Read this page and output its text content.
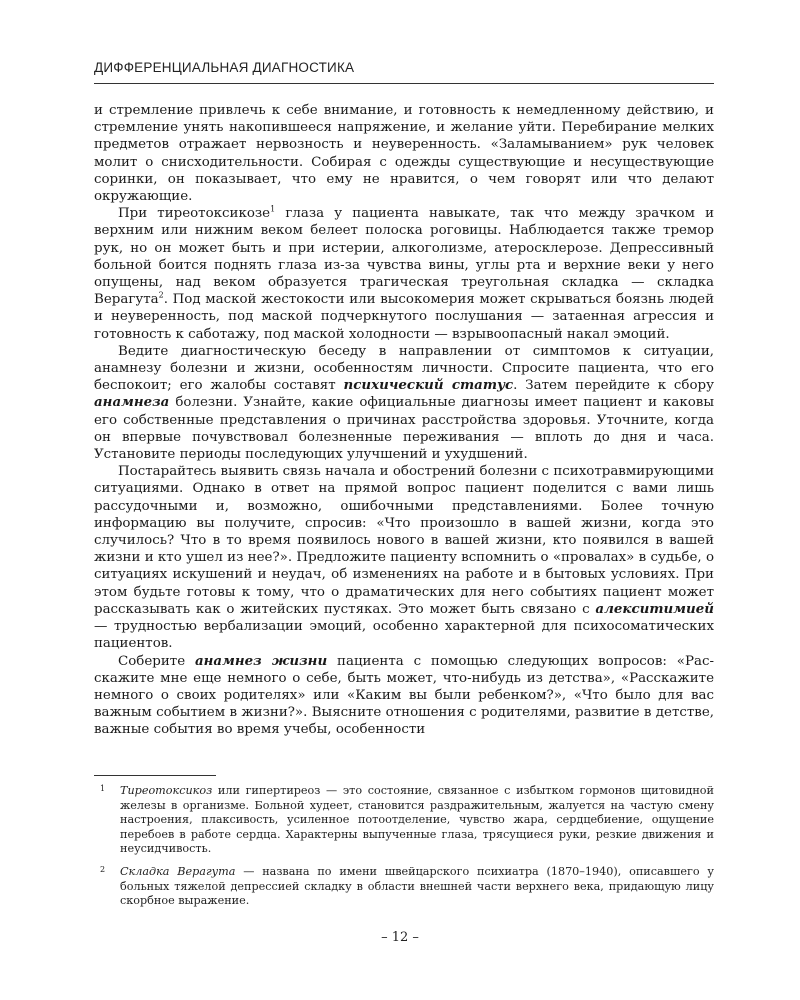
ДИФФЕРЕНЦИАЛЬНАЯ ДИАГНОСТИКА

и стремление привлечь к себе внимание, и готовность к немедленному действию, и стремление унять накопившееся напряжение, и желание уйти. Перебирание мелких предметов отражает нервозность и неуверенность. «Заламыванием» рук человек молит о снисходительности. Собирая с одежды существующие и несуществующие соринки, он показывает, что ему не нравится, о чем говорят или что делают окружающие.

При тиреотоксикозе$^1$ глаза у пациента навыкате, так что между зрачком и верхним или нижним веком белеет полоска роговицы. Наблюдается также тремор рук, но он может быть и при истерии, алкоголизме, атеросклерозе. Депрессивный больной боится поднять глаза из-за чувства вины, углы рта и верхние веки у него опущены, над веком образуется трагическая треугольная складка — складка Верагута$^2$. Под маской жестокости или высокомерия может скрываться боязнь людей и неуверенность, под маской подчеркнутого послушания — затаенная агрессия и готовность к саботажу, под маской холодности — взрывоопасный накал эмоций.

Ведите диагностическую беседу в направлении от симптомов к ситуации, анамнезу болезни и жизни, особенностям личности. Спросите пациента, что его беспокоит; его жалобы составят психический статус. Затем перейдите к сбору анамнеза болезни. Узнайте, какие официальные диагнозы имеет пациент и каковы его собственные представления о причинах расстройства здоровья. Уточните, когда он впервые почувствовал болезненные переживания — вплоть до дня и часа. Установите периоды последующих улучшений и ухудшений.

Постарайтесь выявить связь начала и обострений болезни с психотравмирующими ситуациями. Однако в ответ на прямой вопрос пациент поделится с вами лишь рассудочными и, возможно, ошибочными представлениями. Более точную информацию вы получите, спросив: «Что произошло в вашей жизни, когда это случилось? Что в то время появилось нового в вашей жизни, кто появился в вашей жизни и кто ушел из нее?». Предложите пациенту вспомнить о «провалах» в судьбе, о ситуациях искушений и неудач, об изменениях на работе и в бытовых условиях. При этом будьте готовы к тому, что о драматических для него событиях пациент может рассказывать как о житейских пустяках. Это может быть связано с алекситимией — трудностью вербализации эмоций, особенно характерной для психосоматических пациентов.

Соберите анамнез жизни пациента с помощью следующих вопросов: «Расскажите мне еще немного о себе, быть может, что-нибудь из детства», «Расскажите немного о своих родителях» или «Каким вы были ребенком?», «Что было для вас важным событием в жизни?». Выясните отношения с родителями, развитие в детстве, важные события во время учебы, особенности

1 Тиреотоксикоз или гипертиреоз — это состояние, связанное с избытком гормонов щитовидной железы в организме. Больной худеет, становится раздражительным, жалуется на частую смену настроения, плаксивость, усиленное потоотделение, чувство жара, сердцебиение, ощущение перебоев в работе сердца. Характерны выпученные глаза, трясущиеся руки, резкие движения и неусидчивость.
2 Складка Верагута — названа по имени швейцарского психиатра (1870–1940), описавшего у больных тяжелой депрессией складку в области внешней части верхнего века, придающую лицу скорбное выражение.
– 12 –
